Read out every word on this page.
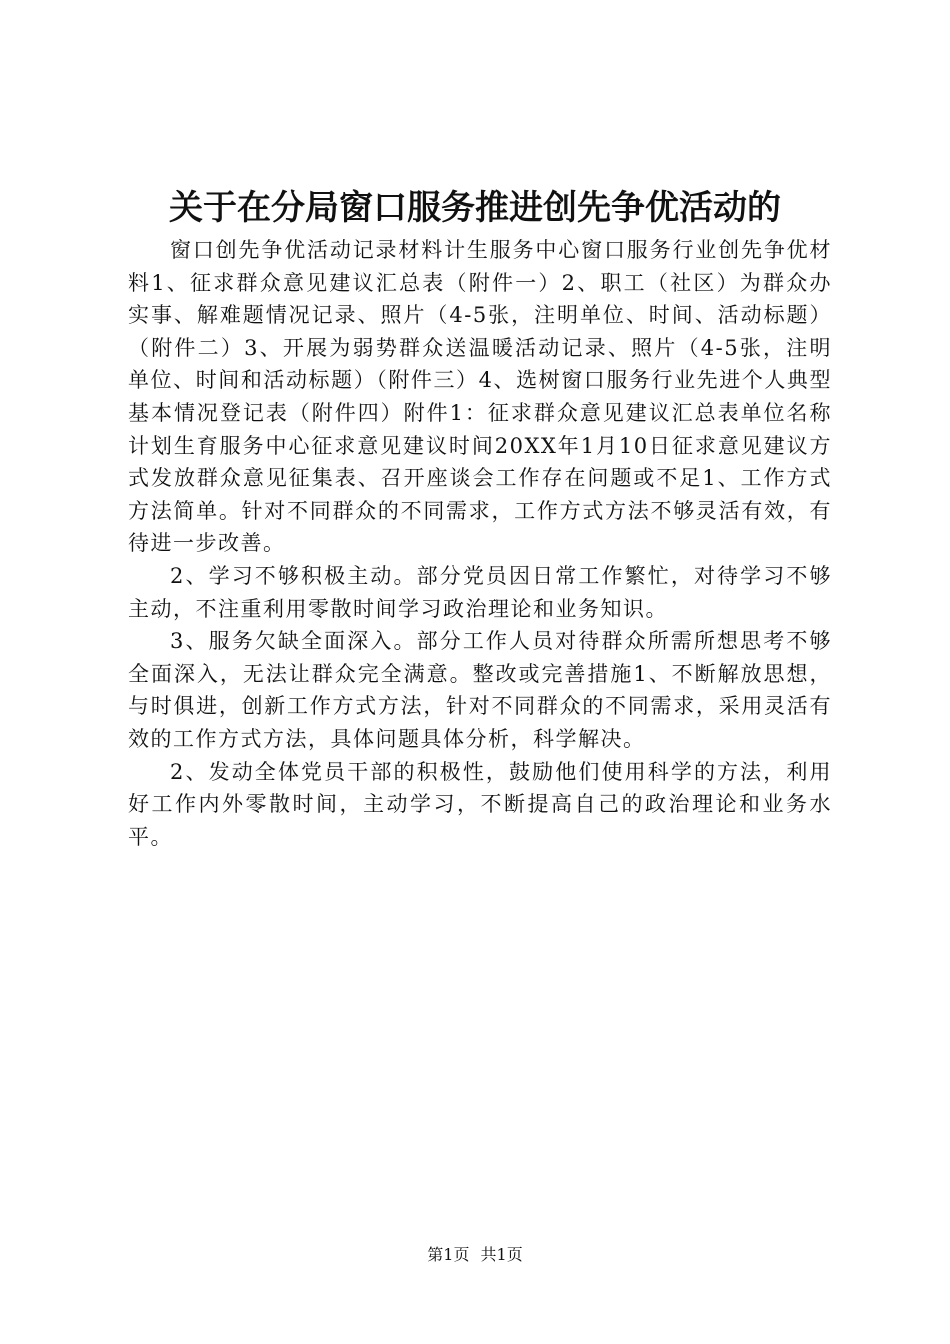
关于在分局窗口服务推进创先争优活动的

窗口创先争优活动记录材料计生服务中心窗口服务行业创先争优材料1、征求群众意见建议汇总表（附件一）2、职工（社区）为群众办实事、解难题情况记录、照片（4-5张，注明单位、时间、活动标题）（附件二）3、开展为弱势群众送温暖活动记录、照片（4-5张，注明单位、时间和活动标题）（附件三）4、选树窗口服务行业先进个人典型基本情况登记表（附件四）附件1：征求群众意见建议汇总表单位名称计划生育服务中心征求意见建议时间20XX年1月10日征求意见建议方式发放群众意见征集表、召开座谈会工作存在问题或不足1、工作方式方法简单。针对不同群众的不同需求，工作方式方法不够灵活有效，有待进一步改善。

2、学习不够积极主动。部分党员因日常工作繁忙，对待学习不够主动，不注重利用零散时间学习政治理论和业务知识。

3、服务欠缺全面深入。部分工作人员对待群众所需所想思考不够全面深入，无法让群众完全满意。整改或完善措施1、不断解放思想，与时俱进，创新工作方式方法，针对不同群众的不同需求，采用灵活有效的工作方式方法，具体问题具体分析，科学解决。

2、发动全体党员干部的积极性，鼓励他们使用科学的方法，利用好工作内外零散时间，主动学习，不断提高自己的政治理论和业务水平。

第1页 共1页
